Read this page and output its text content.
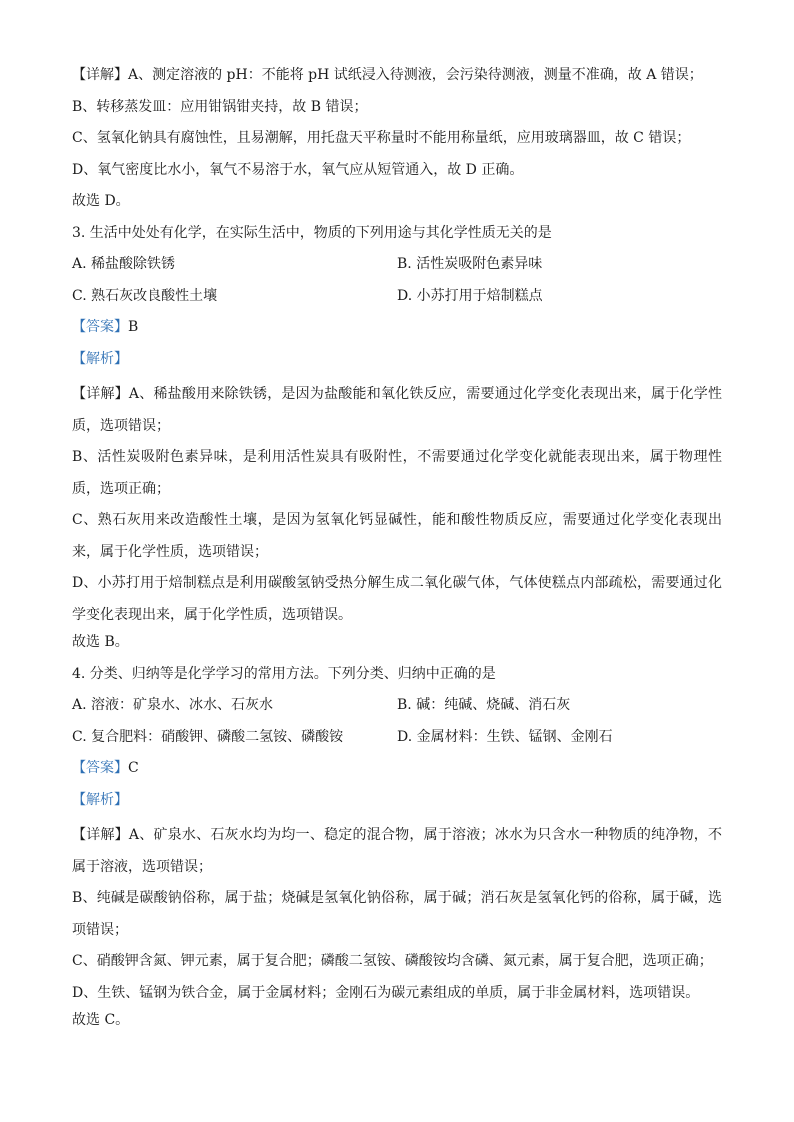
【详解】A、测定溶液的 pH：不能将 pH 试纸浸入待测液，会污染待测液，测量不准确，故 A 错误；
B、转移蒸发皿：应用钳锅钳夹持，故 B 错误；
C、氢氧化钠具有腐蚀性，且易潮解，用托盘天平称量时不能用称量纸，应用玻璃器皿，故 C 错误；
D、氧气密度比水小，氧气不易溶于水，氧气应从短管通入，故 D 正确。
故选 D。
3. 生活中处处有化学，在实际生活中，物质的下列用途与其化学性质无关的是
A. 稀盐酸除铁锈	B. 活性炭吸附色素异味
C. 熟石灰改良酸性土壤	D. 小苏打用于焙制糕点
【答案】B
【解析】
【详解】A、稀盐酸用来除铁锈，是因为盐酸能和氧化铁反应，需要通过化学变化表现出来，属于化学性质，选项错误；
B、活性炭吸附色素异味，是利用活性炭具有吸附性，不需要通过化学变化就能表现出来，属于物理性质，选项正确；
C、熟石灰用来改造酸性土壤，是因为氢氧化钙显碱性，能和酸性物质反应，需要通过化学变化表现出来，属于化学性质，选项错误；
D、小苏打用于焙制糕点是利用碳酸氢钠受热分解生成二氧化碳气体，气体使糕点内部疏松，需要通过化学变化表现出来，属于化学性质，选项错误。
故选 B。
4. 分类、归纳等是化学学习的常用方法。下列分类、归纳中正确的是
A. 溶液：矿泉水、冰水、石灰水	B. 碱：纯碱、烧碱、消石灰
C. 复合肥料：硝酸钾、磷酸二氢铵、磷酸铵	D. 金属材料：生铁、锰钢、金刚石
【答案】C
【解析】
【详解】A、矿泉水、石灰水均为均一、稳定的混合物，属于溶液；冰水为只含水一种物质的纯净物，不属于溶液，选项错误；
B、纯碱是碳酸钠俗称，属于盐；烧碱是氢氧化钠俗称，属于碱；消石灰是氢氧化钙的俗称，属于碱，选项错误；
C、硝酸钾含氮、钾元素，属于复合肥；磷酸二氢铵、磷酸铵均含磷、氮元素，属于复合肥，选项正确；
D、生铁、锰钢为铁合金，属于金属材料；金刚石为碳元素组成的单质，属于非金属材料，选项错误。
故选 C。
